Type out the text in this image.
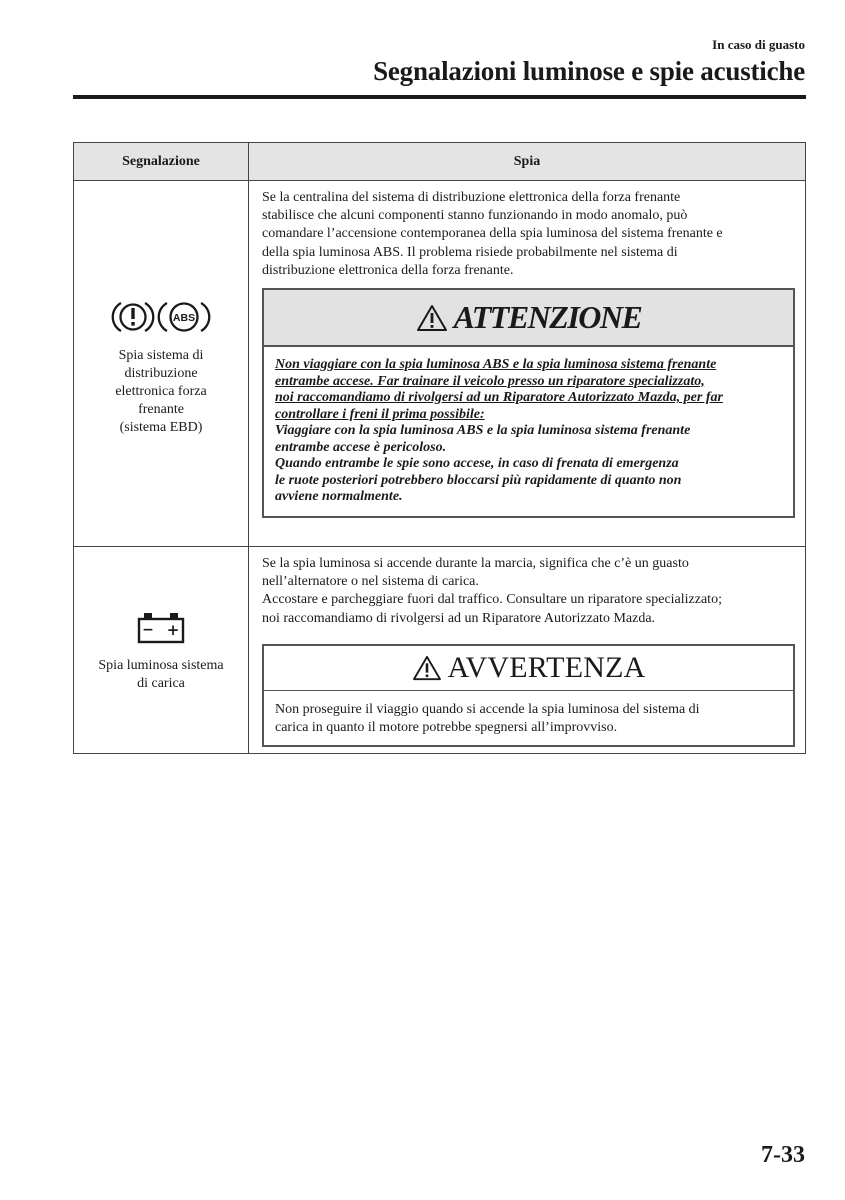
In caso di guasto
Segnalazioni luminose e spie acustiche
Segnalazione	Spia
ABS
Spia sistema di
distribuzione
elettronica forza
frenante
(sistema EBD)

Se la centralina del sistema di distribuzione elettronica della forza frenante

stabilisce che alcuni componenti stanno funzionando in modo anomalo, può

comandare l’accensione contemporanea della spia luminosa del sistema frenante e

della spia luminosa ABS. Il problema risiede probabilmente nel sistema di

distribuzione elettronica della forza frenante.

ATTENZIONE

Non viaggiare con la spia luminosa ABS e la spia luminosa sistema frenante

entrambe accese. Far trainare il veicolo presso un riparatore specializzato,

noi raccomandiamo di rivolgersi ad un Riparatore Autorizzato Mazda, per far

controllare i freni il prima possibile:

Viaggiare con la spia luminosa ABS e la spia luminosa sistema frenante

entrambe accese è pericoloso.

Quando entrambe le spie sono accese, in caso di frenata di emergenza

le ruote posteriori potrebbero bloccarsi più rapidamente di quanto non

avviene normalmente.

− +
Spia luminosa sistema
di carica

Se la spia luminosa si accende durante la marcia, significa che c’è un guasto

nell’alternatore o nel sistema di carica.

Accostare e parcheggiare fuori dal traffico. Consultare un riparatore specializzato;

noi raccomandiamo di rivolgersi ad un Riparatore Autorizzato Mazda.

AVVERTENZA

Non proseguire il viaggio quando si accende la spia luminosa del sistema di

carica in quanto il motore potrebbe spegnersi all’improvviso.

7-33
